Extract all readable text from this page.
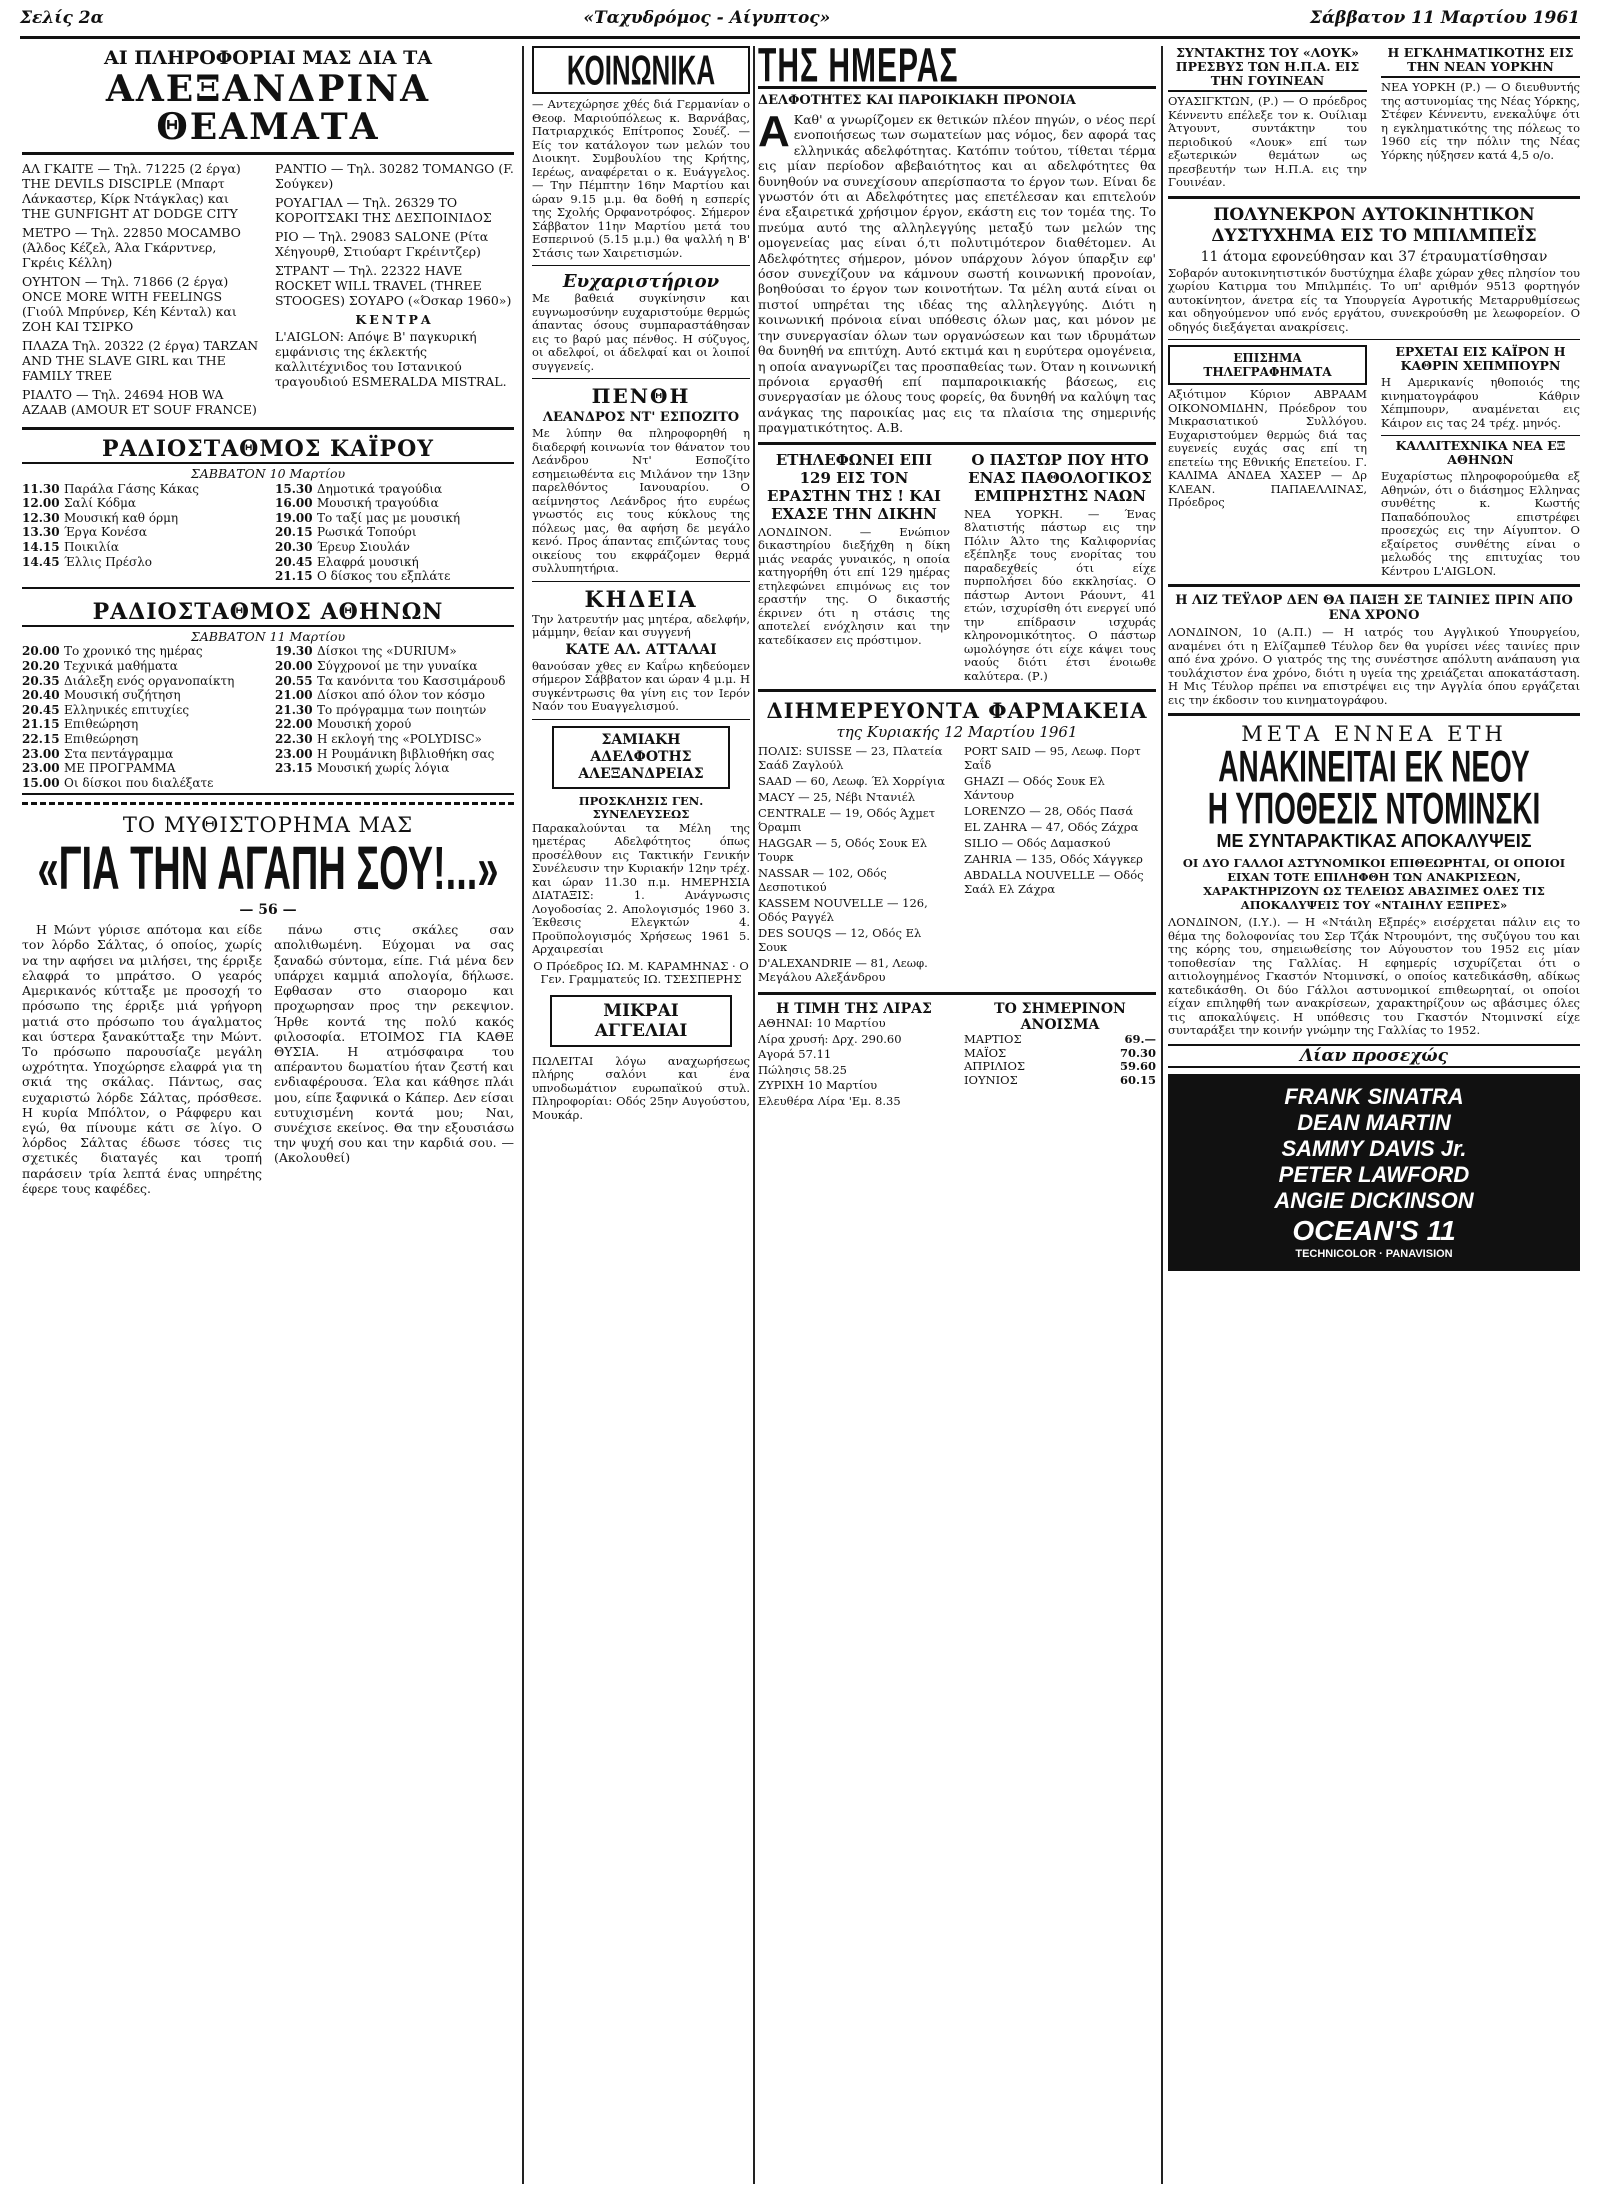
Σελίς 2α	«Ταχυδρόμος - Αίγυπτος»	Σάββατον 11 Μαρτίου 1961
ΑΙ ΠΛΗΡΟΦΟΡΙΑΙ ΜΑΣ ΔΙΑ ΤΑ
ΑΛΕΞΑΝΔΡΙΝΑ ΘΕΑΜΑΤΑ

ΑΛ ΓΚΑΙΤΕ — Τηλ. 71225 (2 έργα) THE DEVILS DISCIPLE (Μπαρτ Λάνκαστερ, Κίρκ Ντάγκλας) και THE GUNFIGHT AT DODGE CITY

ΜΕΤΡΟ — Τηλ. 22850 MOCAMBO (Άλδος Κέζελ, Άλα Γκάρντνερ, Γκρέις Κέλλη)

ΟΥΗΤΟΝ — Τηλ. 71866 (2 έργα) ONCE MORE WITH FEELINGS (Γιούλ Μπρύνερ, Κέη Κένταλ) και ΖΟΗ ΚΑΙ ΤΣΙΡΚΟ

ΠΛΑΖΑ Τηλ. 20322 (2 έργα) TARZAN AND THE SLAVE GIRL και THE FAMILY TREE

ΡΙΑΛΤΟ — Τηλ. 24694 HOB WA AZAAB (AMOUR ET SOUF FRANCE)

ΡΑΝΤΙΟ — Τηλ. 30282 TOMANGO (F. Σούγκεν)

ΡΟΥΑΓΙΑΛ — Τηλ. 26329 ΤΟ ΚΟΡΟΙΤΣΑΚΙ ΤΗΣ ΔΕΣΠΟΙΝΙΔΟΣ

ΡΙΟ — Τηλ. 29083 SALONE (Ρίτα Χέηγουρθ, Στιούαρτ Γκρέιντζερ)

ΣΤΡΑΝΤ — Τηλ. 22322 HAVE ROCKET WILL TRAVEL (THREE STOOGES) ΣΟΥΑΡΟ («Όσκαρ 1960»)

ΚΕΝΤΡΑ

L'AIGLON: Απόψε Β' παγκυρική εμφάνισις της έκλεκτής καλλιτέχνιδος του Ιστανικού τραγουδιού ESMERALDA MISTRAL.

ΡΑΔΙΟΣΤΑΘΜΟΣ ΚΑΪΡΟΥ
ΣΑΒΒΑΤΟΝ 10 Μαρτίου
11.30 Παράλα Γάσης Κάκας
12.00 Σαλί Κόδμα
12.30 Μουσική καθ όρμη
13.30 Έργα Κονέσα
14.15 Ποικιλία
14.45 Έλλις Πρέσλο
15.30 Δημοτικά τραγούδια
16.00 Μουσική τραγούδια
19.00 Το ταξί μας με μουσική
20.15 Ρωσικά Τοπούρι
20.30 Έρευρ Σιουλάν
20.45 Ελαφρά μουσική
21.15 Ο δίσκος του εξπλάτε
ΡΑΔΙΟΣΤΑΘΜΟΣ ΑΘΗΝΩΝ
ΣΑΒΒΑΤΟΝ 11 Μαρτίου
20.00 Το χρονικό της ημέρας
20.20 Τεχνικά μαθήματα
20.35 Διάλεξη ενός οργανοπαίκτη
20.40 Μουσική συζήτηση
20.45 Ελληνικές επιτυχίες
21.15 Επιθεώρηση
22.15 Επιθεώρηση
23.00 Στα πεντάγραμμα
23.00 ΜΕ ΠΡΟΓΡΑΜΜΑ
15.00 Οι δίσκοι που διαλέξατε
19.30 Δίσκοι της «DURIUM»
20.00 Σύγχρονοί με την γυναίκα
20.55 Τα κανόνιτα του Κασσιμάρουδ
21.00 Δίσκοι από όλον τον κόσμο
21.30 Το πρόγραμμα των ποιητών
22.00 Μουσική χορού
22.30 Η εκλογή της «POLYDISC»
23.00 Η Ρουμάνικη βιβλιοθήκη σας
23.15 Μουσική χωρίς λόγια
ΤΟ ΜΥΘΙΣΤΟΡΗΜΑ ΜΑΣ
«ΓΙΑ ΤΗΝ ΑΓΑΠΗ ΣΟΥ!...»
— 56 —

Η Μώντ γύρισε απότομα και είδε τον λόρδο Σάλτας, ό οποίος, χωρίς να την αφήσει να μιλήσει, της έρριξε ελαφρά το μπράτσο. Ο γεαρός Αμερικανός κύτταξε με προσοχή το πρόσωπο της έρριξε μιά γρήγορη ματιά στο πρόσωπο του άγαλματος και ύστερα ξανακύτταξε την Μώντ. Το πρόσωπο παρουσίαζε μεγάλη ωχρότητα. Υποχώρησε ελαφρά για τη σκιά της σκάλας. Πάντως, σας ευχαριστώ λόρδε Σάλτας, πρόσθεσε. Η κυρία Μπόλτον, ο Ράφφερυ και εγώ, θα πίνουμε κάτι σε λίγο. Ο λόρδος Σάλτας έδωσε τόσες τις σχετικές διαταγές και τροπή παράσειν τρία λεπτά ένας υπηρέτης έφερε τους καφέδες.

πάνω στις σκάλες σαν απολιθωμένη. Εύχομαι να σας ξαναδώ σύντομα, είπε. Γιά μένα δεν υπάρχει καμμιά απολογία, δήλωσε. Εφθασαν στο σιαορομο και προχωρησαν προς την ρεκεψιον. Ήρθε κοντά της πολύ κακός φιλοσοφία. ΕΤΟΙΜΟΣ ΓΙΑ ΚΑΘΕ ΘΥΣΙΑ. Η ατμόσφαιρα του απέραντου δωματίου ήταν ζεστή και ενδιαφέρουσα. Έλα και κάθησε πλάι μου, είπε ξαφνικά ο Κάπερ. Δεν είσαι ευτυχισμένη κοντά μου; Ναι, συνέχισε εκείνος. Θα την εξουσιάσω την ψυχή σου και την καρδιά σου. — (Ακολουθεί)

ΚΟΙΝΩΝΙΚΑ
— Αντεχώρησε χθές διά Γερμανίαν ο Θεοφ. Μαριούπόλεως κ. Βαρνάβας, Πατριαρχικός Επίτροπος Σουέζ. — Είς τον κατάλογον των μελών του Διοικητ. Συμβουλίου της Κρήτης, Ιερέως, αναφέρεται ο κ. Ευάγγελος. — Την Πέμπτην 16ην Μαρτίου και ώραν 9.15 μ.μ. θα δοθή η εσπερίς της Σχολής Ορφανοτρόφος. Σήμερον Σάββατον 11ην Μαρτίου μετά του Εσπερινού (5.15 μ.μ.) θα ψαλλή η Β' Στάσις των Χαιρετισμών.
Ευχαριστήριον
Με βαθειά συγκίνησιν και ευγνωμοσύνην ευχαριστούμε θερμώς άπαντας όσους συμπαραστάθησαν εις το βαρύ μας πένθος. Η σύζυγος, οι αδελφοί, οι άδελφαί και οι λοιποί συγγενείς.
ΠΕΝΘΗ
ΛΕΑΝΔΡΟΣ ΝΤ' ΕΣΠΟΖΙΤΟ
Με λύπην θα πληροφορηθή η διαδερφή κοινωνία τον θάνατον του Λεάνδρου Ντ' Εσποζίτο εσημειωθέντα εις Μιλάνον την 13ην παρελθόντος Ιανουαρίου. Ο αείμνηστος Λεάνδρος ήτο ευρέως γνωστός εις τους κύκλους της πόλεως μας, θα αφήση δε μεγάλο κενό. Προς άπαντας επιζώντας τους οικείους του εκφράζομεν θερμά συλλυπητήρια.
ΚΗΔΕΙΑ
Την λατρευτήν μας μητέρα, αδελφήν, μάμμην, θείαν και συγγενή
ΚΑΤΕ ΑΛ. ΑΤΤΑΛΑΙ
θανούσαν χθες εν Καΐρω κηδεύομεν σήμερον Σάββατον και ώραν 4 μ.μ. Η συγκέντρωσις θα γίνη εις τον Ιερόν Ναόν του Ευαγγελισμού.
ΣΑΜΙΑΚΗ ΑΔΕΛΦΟΤΗΣ ΑΛΕΞΑΝΔΡΕΙΑΣ
ΠΡΟΣΚΛΗΣΙΣ ΓΕΝ. ΣΥΝΕΛΕΥΣΕΩΣ
Παρακαλούνται τα Μέλη της ημετέρας Αδελφότητος όπως προσέλθουν εις Τακτικήν Γενικήν Συνέλευσιν την Κυριακήν 12ην τρέχ. και ώραν 11.30 π.μ. ΗΜΕΡΗΣΙΑ ΔΙΑΤΑΞΙΣ: 1. Ανάγνωσις Λογοδοσίας 2. Απολογισμός 1960 3. Έκθεσις Ελεγκτών 4. Προϋπολογισμός Χρήσεως 1961 5. Αρχαιρεσίαι
Ο Πρόεδρος ΙΩ. Μ. ΚΑΡΑΜΗΝΑΣ · Ο Γεν. Γραμματεύς ΙΩ. ΤΣΕΣΠΕΡΗΣ
ΜΙΚΡΑΙ ΑΓΓΕΛΙΑΙ
ΠΩΛΕΙΤΑΙ λόγω αναχωρήσεως πλήρης σαλόνι και ένα υπνοδωμάτιον ευρωπαϊκού στυλ. Πληροφορίαι: Οδός 25ην Αυγούστου, Μουκάρ.
ΤΗΣ ΗΜΕΡΑΣ
ΔΕΛΦΟΤΗΤΕΣ ΚΑΙ ΠΑΡΟΙΚΙΑΚΗ ΠΡΟΝΟΙΑ
Α Καθ' α γνωρίζομεν εκ θετικών πλέον πηγών, ο νέος περί ενοποιήσεως των σωματείων μας νόμος, δεν αφορά τας ελληνικάς αδελφότητας. Κατόπιν τούτου, τίθεται τέρμα εις μίαν περίοδον αβεβαιότητος και αι αδελφότητες θα δυνηθούν να συνεχίσουν απερίσπαστα το έργον των. Είναι δε γνωστόν ότι αι Αδελφότητες μας επετέλεσαν και επιτελούν ένα εξαιρετικά χρήσιμον έργον, εκάστη εις τον τομέα της. Το πνεύμα αυτό της αλληλεγγύης μεταξύ των μελών της ομογενείας μας είναι ό,τι πολυτιμότερον διαθέτομεν. Αι Αδελφότητες σήμερον, μόνον υπάρχουν λόγον ύπαρξιν εφ' όσον συνεχίζουν να κάμνουν σωστή κοινωνική προνοίαν, βοηθούσαι το έργον των κοινοτήτων. Τα μέλη αυτά είναι οι πιστοί υπηρέται της ιδέας της αλληλεγγύης. Διότι η κοινωνική πρόνοια είναι υπόθεσις όλων μας, και μόνον με την συνεργασίαν όλων των οργανώσεων και των ιδρυμάτων θα δυνηθή να επιτύχη. Αυτό εκτιμά και η ευρύτερα ομογένεια, η οποία αναγνωρίζει τας προσπαθείας των. Όταν η κοινωνική πρόνοια εργασθή επί παμπαροικιακής βάσεως, εις συνεργασίαν με όλους τους φορείς, θα δυνηθή να καλύψη τας ανάγκας της παροικίας μας εις τα πλαίσια της σημερινής πραγματικότητος. Α.Β.
ΕΤΗΛΕΦΩΝΕΙ ΕΠΙ 129 ΕΙΣ ΤΟΝ ΕΡΑΣΤΗΝ ΤΗΣ ! ΚΑΙ ΕΧΑΣΕ ΤΗΝ ΔΙΚΗΝ
ΛΟΝΔΙΝΟΝ. — Ενώπιον δικαστηρίου διεξήχθη η δίκη μιάς νεαράς γυναικός, η οποία κατηγορήθη ότι επί 129 ημέρας ετηλεφώνει επιμόνως εις τον εραστήν της. Ο δικαστής έκρινεν ότι η στάσις της αποτελεί ενόχλησιν και την κατεδίκασεν εις πρόστιμον.
Ο ΠΑΣΤΩΡ ΠΟΥ ΗΤΟ ΕΝΑΣ ΠΑΘΟΛΟΓΙΚΟΣ ΕΜΠΡΗΣΤΗΣ ΝΑΩΝ
ΝΕΑ ΥΟΡΚΗ. — Ένας 8λατιστής πάστωρ εις την Πόλιν Άλτο της Καλιφορνίας εξέπληξε τους ενορίτας του παραδεχθείς ότι είχε πυρπολήσει δύο εκκλησίας. Ο πάστωρ Αντονι Ράουντ, 41 ετών, ισχυρίσθη ότι ενεργεί υπό την επίδρασιν ισχυράς κληρονομικότητος. Ο πάστωρ ωμολόγησε ότι είχε κάψει τους ναούς διότι έτσι ένοιωθε καλύτερα. (Ρ.)
ΔΙΗΜΕΡΕΥΟΝΤΑ ΦΑΡΜΑΚΕΙΑ
της Κυριακής 12 Μαρτίου 1961
ΠΟΛΙΣ: SUISSE — 23, Πλατεία Σαάδ Ζαγλούλ
SAAD — 60, Λεωφ. Έλ Χορρίγια
MACY — 25, Νέβι Ντανιέλ
CENTRALE — 19, Οδός Άχμετ Όραμπι
HAGGAR — 5, Οδός Σουκ Ελ Τουρκ
NASSAR — 102, Οδός Δεσποτικού
KASSEM NOUVELLE — 126, Οδός Ραγγέλ
DES SOUQS — 12, Οδός Ελ Σουκ
D'ALEXANDRIE — 81, Λεωφ. Μεγάλου Αλεξάνδρου
PORT SAID — 95, Λεωφ. Πορτ Σαΐδ
GHAZI — Οδός Σουκ Ελ Χάντουρ
LORENZO — 28, Οδός Πασά
EL ZAHRA — 47, Οδός Ζάχρα
SILIO — Οδός Δαμασκού
ZAHRIA — 135, Οδός Χάγγκερ
ABDALLA NOUVELLE — Οδός Σαάλ Ελ Ζάχρα
Η ΤΙΜΗ ΤΗΣ ΛΙΡΑΣ
ΑΘΗΝΑΙ: 10 Μαρτίου
Λίρα χρυσή: Δρχ. 290.60
Αγορά 57.11
Πώλησις 58.25
ΖΥΡΙΧΗ 10 Μαρτίου
Ελευθέρα Λίρα 'Εμ. 8.35
ΤΟ ΣΗΜΕΡΙΝΟΝ ΑΝΟΙΣΜΑ
ΜΑΡΤΙΟΣ	69.—
ΜΑΪΟΣ	70.30
ΑΠΡΙΛΙΟΣ	59.60
ΙΟΥΝΙΟΣ	60.15
ΣΥΝΤΑΚΤΗΣ ΤΟΥ «ΛΟΥΚ» ΠΡΕΣΒΥΣ ΤΩΝ Η.Π.Α. ΕΙΣ ΤΗΝ ΓΟΥΙΝΕΑΝ
ΟΥΑΣΙΓΚΤΩΝ, (Ρ.) — Ο πρόεδρος Κέννεντυ επέλεξε τον κ. Ουίλιαμ Άτγουντ, συντάκτην του περιοδικού «Λουκ» επί των εξωτερικών θεμάτων ως πρεσβευτήν των Η.Π.Α. εις την Γουινέαν.
Η ΕΓΚΛΗΜΑΤΙΚΟΤΗΣ ΕΙΣ ΤΗΝ ΝΕΑΝ ΥΟΡΚΗΝ
ΝΕΑ ΥΟΡΚΗ (Ρ.) — Ο διευθυντής της αστυνομίας της Νέας Υόρκης, Στέφεν Κέννεντυ, ενεκαλύψε ότι η εγκληματικότης της πόλεως το 1960 είς την πόλιν της Νέας Υόρκης ηύξησεν κατά 4,5 ο/ο.
ΠΟΛΥΝΕΚΡΟΝ ΑΥΤΟΚΙΝΗΤΙΚΟΝ ΔΥΣΤΥΧΗΜΑ ΕΙΣ ΤΟ ΜΠΙΛΜΠΕΪΣ
11 άτομα εφονεύθησαν και 37 έτραυματίσθησαν
Σοβαρόν αυτοκινητιστικόν δυστύχημα έλαβε χώραν χθες πλησίον του χωρίου Κατιρμα του Μπιλμπέις. Το υπ' αριθμόν 9513 φορτηγόν αυτοκίνητον, άνετρα είς τα Υπουργεία Αγροτικής Μεταρρυθμίσεως και οδηγούμενον υπό ενός εργάτου, συνεκρούσθη με λεωφορείον. Ο οδηγός διεξάγεται ανακρίσεις.
ΕΠΙΣΗΜΑ ΤΗΛΕΓΡΑΦΗΜΑΤΑ
Αξιότιμον Κύριον ΑΒΡΑΑΜ ΟΙΚΟΝΟΜΙΔΗΝ, Πρόεδρον του Μικρασιατικού Συλλόγου. Ευχαριστούμεν θερμώς διά τας ευγενείς ευχάς σας επί τη επετείω της Εθνικής Επετείου. Γ. ΚΑΛΙΜΑ ΑΝΔΕΑ ΧΑΣΕΡ — Δρ ΚΛΕΑΝ. ΠΑΠΑΕΛΛΙΝΑΣ, Πρόεδρος
ΕΡΧΕΤΑΙ ΕΙΣ ΚΑΪΡΟΝ Η ΚΑΘΡΙΝ ΧΕΠΜΠΟΥΡΝ
Η Αμερικανίς ηθοποιός της κινηματογράφου Κάθριν Χέπμπουρν, αναμένεται εις Κάιρον εις τας 24 τρέχ. μηνός.
ΚΑΛΛΙΤΕΧΝΙΚΑ ΝΕΑ ΕΞ ΑΘΗΝΩΝ
Ευχαρίστως πληροφορούμεθα εξ Αθηνών, ότι ο διάσημος Ελληνας συνθέτης κ. Κωστής Παπαδόπουλος επιστρέφει προσεχώς εις την Αίγυπτον. Ο εξαίρετος συνθέτης είναι ο μελωδός της επιτυχίας του Κέντρου L'AIGLON.
Η ΛΙΖ ΤΕΫΛΟΡ ΔΕΝ ΘΑ ΠΑΙΞΗ ΣΕ ΤΑΙΝΙΕΣ ΠΡΙΝ ΑΠΟ ΕΝΑ ΧΡΟΝΟ
ΛΟΝΔΙΝΟΝ, 10 (Α.Π.) — Η ιατρός του Αγγλικού Υπουργείου, αναμένει ότι η Ελίζαμπεθ Τέυλορ δεν θα γυρίσει νέες ταινίες πριν από ένα χρόνο. Ο γιατρός της της συνέστησε απόλυτη ανάπαυση για τουλάχιστον ένα χρόνο, διότι η υγεία της χρειάζεται αποκατάσταση. Η Μις Τέυλορ πρέπει να επιστρέψει εις την Αγγλία όπου εργάζεται εις την έκδοσιν του κινηματογράφου.
ΜΕΤΑ ΕΝΝΕΑ ΕΤΗ
ΑΝΑΚΙΝΕΙΤΑΙ ΕΚ ΝΕΟΥ
Η ΥΠΟΘΕΣΙΣ ΝΤΟΜΙΝΣΚΙ
ΜΕ ΣΥΝΤΑΡΑΚΤΙΚΑΣ ΑΠΟΚΑΛΥΨΕΙΣ
ΟΙ ΔΥΟ ΓΑΛΛΟΙ ΑΣΤΥΝΟΜΙΚΟΙ ΕΠΙΘΕΩΡΗΤΑΙ, ΟΙ ΟΠΟΙΟΙ ΕΙΧΑΝ ΤΟΤΕ ΕΠΙΛΗΦΘΗ ΤΩΝ ΑΝΑΚΡΙΣΕΩΝ, ΧΑΡΑΚΤΗΡΙΖΟΥΝ ΩΣ ΤΕΛΕΙΩΣ ΑΒΑΣΙΜΕΣ ΟΛΕΣ ΤΙΣ ΑΠΟΚΑΛΥΨΕΙΣ ΤΟΥ «ΝΤΑΙΗΛΥ ΕΞΠΡΕΣ»
ΛΟΝΔΙΝΟΝ, (Ι.Υ.). — Η «Ντάιλη Εξπρές» εισέρχεται πάλιν εις το θέμα της δολοφονίας του Σερ Τζάκ Ντρουμόντ, της συζύγου του και της κόρης του, σημειωθείσης τον Αύγουστον του 1952 εις μίαν τοποθεσίαν της Γαλλίας. Η εφημερίς ισχυρίζεται ότι ο αιτιολογημένος Γκαστόν Ντομινσκί, ο οποίος κατεδικάσθη, αδίκως κατεδικάσθη. Οι δύο Γάλλοι αστυνομικοί επιθεωρηταί, οι οποίοι είχαν επιληφθή των ανακρίσεων, χαρακτηρίζουν ως αβάσιμες όλες τις αποκαλύψεις. Η υπόθεσις του Γκαστόν Ντομινσκί είχε συνταράξει την κοινήν γνώμην της Γαλλίας το 1952.
Λίαν προσεχώς
FRANK SINATRA
DEAN MARTIN
SAMMY DAVIS Jr.
PETER LAWFORD
ANGIE DICKINSON
OCEAN'S 11
TECHNICOLOR · PANAVISION
